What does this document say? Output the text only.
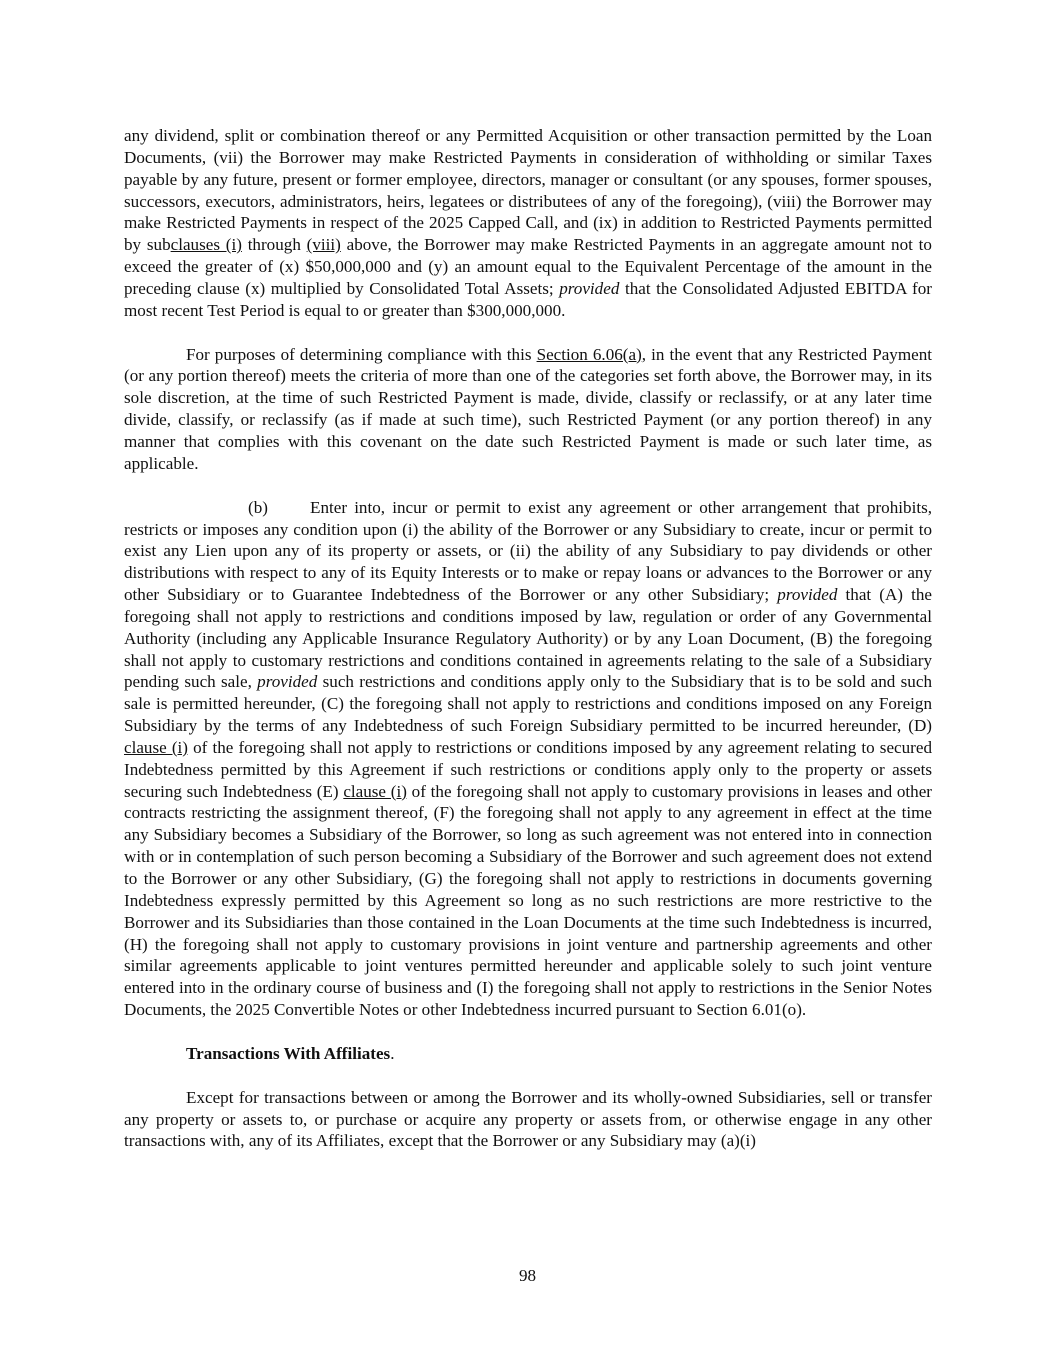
any dividend, split or combination thereof or any Permitted Acquisition or other transaction permitted by the Loan Documents, (vii) the Borrower may make Restricted Payments in consideration of withholding or similar Taxes payable by any future, present or former employee, directors, manager or consultant (or any spouses, former spouses, successors, executors, administrators, heirs, legatees or distributees of any of the foregoing), (viii) the Borrower may make Restricted Payments in respect of the 2025 Capped Call, and (ix) in addition to Restricted Payments permitted by subclauses (i) through (viii) above, the Borrower may make Restricted Payments in an aggregate amount not to exceed the greater of (x) $50,000,000 and (y) an amount equal to the Equivalent Percentage of the amount in the preceding clause (x) multiplied by Consolidated Total Assets; provided that the Consolidated Adjusted EBITDA for most recent Test Period is equal to or greater than $300,000,000.

For purposes of determining compliance with this Section 6.06(a), in the event that any Restricted Payment (or any portion thereof) meets the criteria of more than one of the categories set forth above, the Borrower may, in its sole discretion, at the time of such Restricted Payment is made, divide, classify or reclassify, or at any later time divide, classify, or reclassify (as if made at such time), such Restricted Payment (or any portion thereof) in any manner that complies with this covenant on the date such Restricted Payment is made or such later time, as applicable.

(b) Enter into, incur or permit to exist any agreement or other arrangement that prohibits, restricts or imposes any condition upon (i) the ability of the Borrower or any Subsidiary to create, incur or permit to exist any Lien upon any of its property or assets, or (ii) the ability of any Subsidiary to pay dividends or other distributions with respect to any of its Equity Interests or to make or repay loans or advances to the Borrower or any other Subsidiary or to Guarantee Indebtedness of the Borrower or any other Subsidiary; provided that (A) the foregoing shall not apply to restrictions and conditions imposed by law, regulation or order of any Governmental Authority (including any Applicable Insurance Regulatory Authority) or by any Loan Document, (B) the foregoing shall not apply to customary restrictions and conditions contained in agreements relating to the sale of a Subsidiary pending such sale, provided such restrictions and conditions apply only to the Subsidiary that is to be sold and such sale is permitted hereunder, (C) the foregoing shall not apply to restrictions and conditions imposed on any Foreign Subsidiary by the terms of any Indebtedness of such Foreign Subsidiary permitted to be incurred hereunder, (D) clause (i) of the foregoing shall not apply to restrictions or conditions imposed by any agreement relating to secured Indebtedness permitted by this Agreement if such restrictions or conditions apply only to the property or assets securing such Indebtedness (E) clause (i) of the foregoing shall not apply to customary provisions in leases and other contracts restricting the assignment thereof, (F) the foregoing shall not apply to any agreement in effect at the time any Subsidiary becomes a Subsidiary of the Borrower, so long as such agreement was not entered into in connection with or in contemplation of such person becoming a Subsidiary of the Borrower and such agreement does not extend to the Borrower or any other Subsidiary, (G) the foregoing shall not apply to restrictions in documents governing Indebtedness expressly permitted by this Agreement so long as no such restrictions are more restrictive to the Borrower and its Subsidiaries than those contained in the Loan Documents at the time such Indebtedness is incurred, (H) the foregoing shall not apply to customary provisions in joint venture and partnership agreements and other similar agreements applicable to joint ventures permitted hereunder and applicable solely to such joint venture entered into in the ordinary course of business and (I) the foregoing shall not apply to restrictions in the Senior Notes Documents, the 2025 Convertible Notes or other Indebtedness incurred pursuant to Section 6.01(o).

Transactions With Affiliates.

Except for transactions between or among the Borrower and its wholly-owned Subsidiaries, sell or transfer any property or assets to, or purchase or acquire any property or assets from, or otherwise engage in any other transactions with, any of its Affiliates, except that the Borrower or any Subsidiary may (a)(i)

98
